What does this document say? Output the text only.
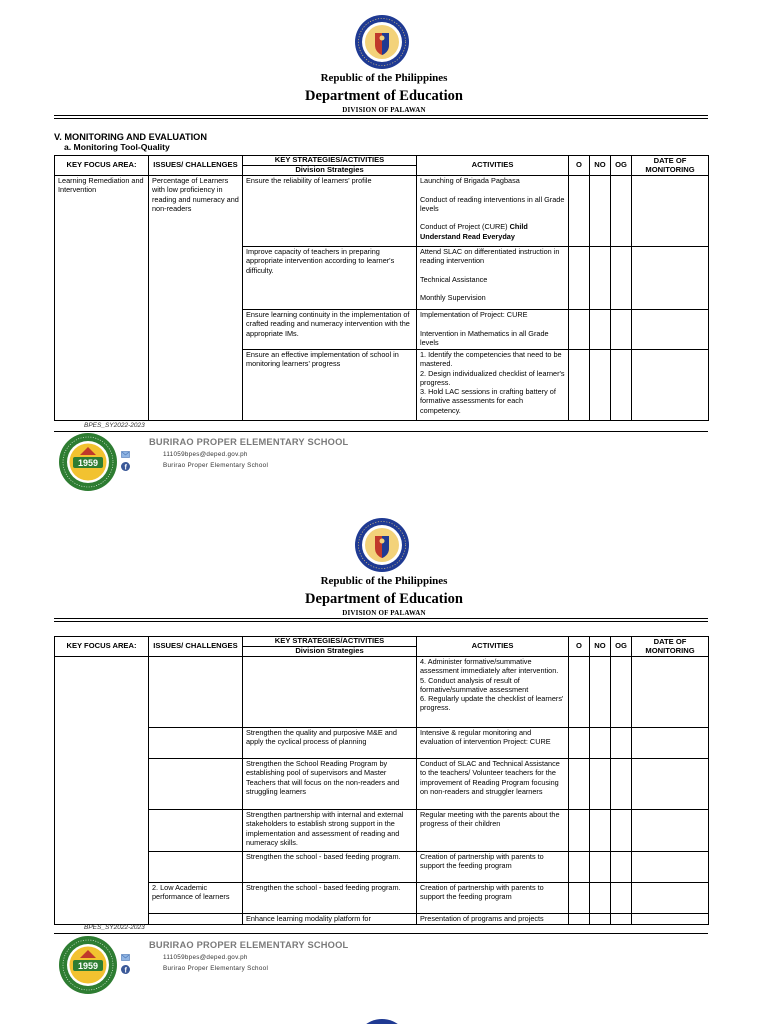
Republic of the Philippines
Department of Education
DIVISION OF PALAWAN
V. MONITORING AND EVALUATION
a. Monitoring Tool-Quality
KEY FOCUS AREA:	ISSUES/ CHALLENGES	KEY STRATEGIES/ACTIVITIES	ACTIVITIES	O	NO	OG	DATE OF MONITORING
		Division Strategies					
Learning Remediation and Intervention	Percentage of Learners with low proficiency in reading and numeracy and non-readers	Ensure the reliability of learners' profile	Launching of Brigada Pagbasa
Conduct of reading interventions in all Grade levels
Conduct of Project (CURE) Child Understand Read Everyday				
		Improve capacity of teachers in preparing appropriate intervention according to learner's difficulty.	Attend SLAC on differentiated instruction in reading intervention
Technical Assistance
Monthly Supervision				
		Ensure learning continuity in the implementation of crafted reading and numeracy intervention with the appropriate IMs.	Implementation of Project: CURE
Intervention in Mathematics in all Grade levels				
		Ensure an effective implementation of school in monitoring learners' progress	1. Identify the competencies that need to be mastered.
2. Design individualized checklist of learner's progress.
3. Hold LAC sessions in crafting battery of formative assessments for each competency.				

BPES_SY2022-2023
1959
BURIRAO PROPER ELEMENTARY SCHOOL
f
111059bpes@deped.gov.ph
Burirao Proper Elementary School
Republic of the Philippines
Department of Education
DIVISION OF PALAWAN
KEY FOCUS AREA:	ISSUES/ CHALLENGES	KEY STRATEGIES/ACTIVITIES	ACTIVITIES	O	NO	OG	DATE OF MONITORING
		Division Strategies					

			4. Administer formative/summative assessment immediately after intervention.
5. Conduct analysis of result of formative/summative assessment
6. Regularly update the checklist of learners' progress.				

		Strengthen the quality and purposive M&E and apply the cyclical process of planning	Intensive & regular monitoring and evaluation of intervention Project: CURE				
		Strengthen the School Reading Program by establishing pool of supervisors and Master Teachers that will focus on the non-readers and struggling learners	Conduct of SLAC and Technical Assistance to the teachers/ Volunteer teachers for the improvement of Reading Program focusing on non-readers and struggler learners				
		Strengthen partnership with internal and external stakeholders to establish strong support in the implementation and assessment of reading and numeracy skills.	Regular meeting with the parents about the progress of their children				
		Strengthen the school - based feeding program.	Creation of partnership with parents to support the feeding program				
	2. Low Academic performance of learners	Strengthen the school - based feeding program.	Creation of partnership with parents to support the feeding program				
		Enhance learning modality platform for	Presentation of programs and projects				
BPES_SY2022-2023
1959
BURIRAO PROPER ELEMENTARY SCHOOL
f
111059bpes@deped.gov.ph
Burirao Proper Elementary School
